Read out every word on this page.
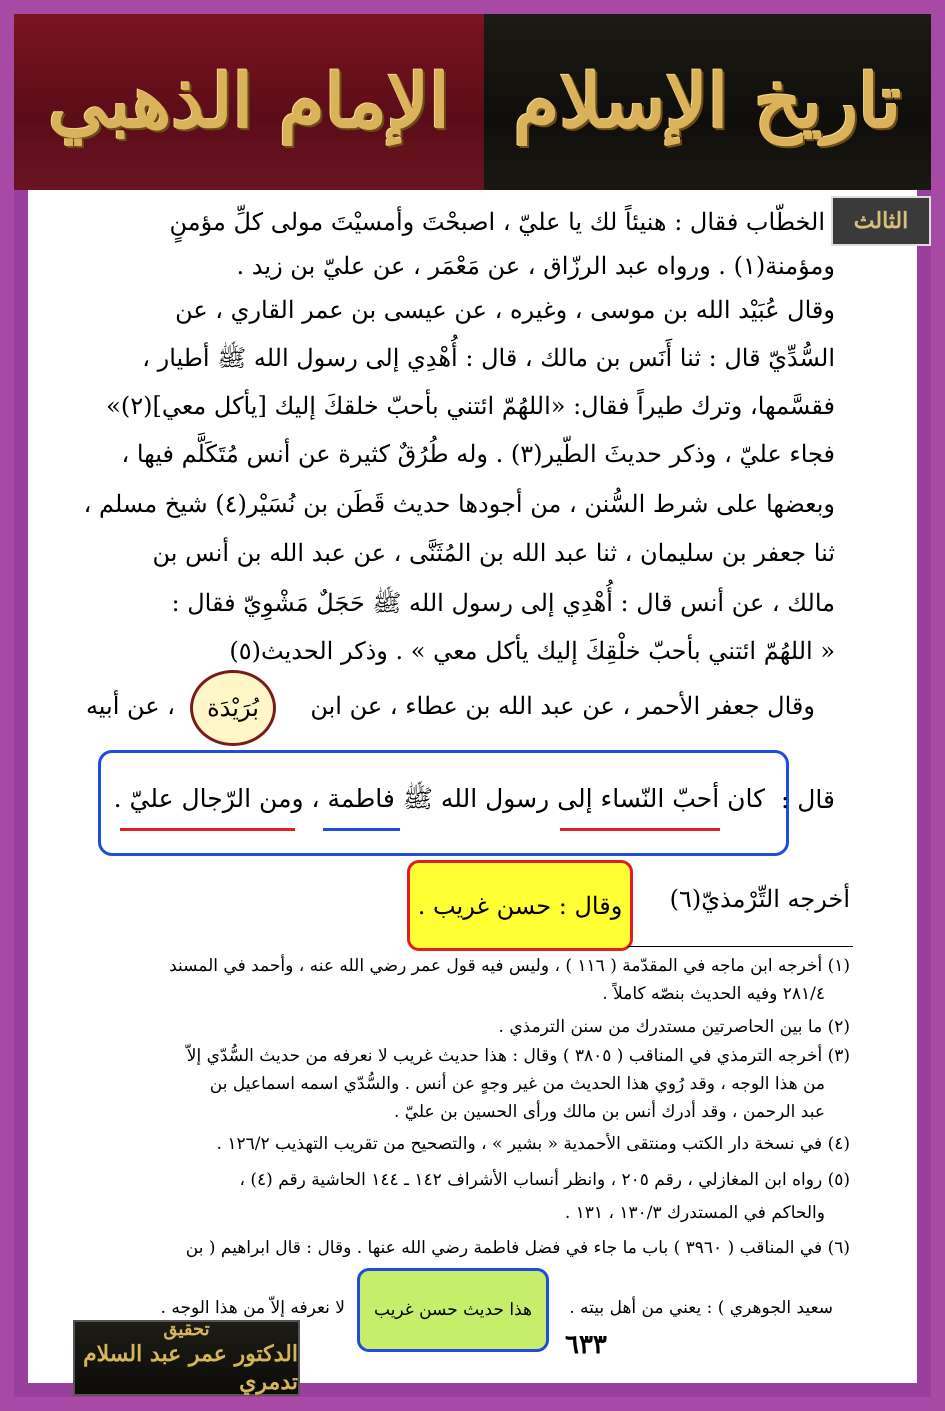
الإمام الذهبي تاريخ الإسلام
الثالث
الخطّاب فقال : هنيئاً لك يا عليّ ، اصبحْتَ وأمسيْتَ مولى كلِّ مؤمنٍ
ومؤمنة(١) . ورواه عبد الرزّاق ، عن مَعْمَر ، عن عليّ بن زيد .
وقال عُبَيْد الله بن موسى ، وغيره ، عن عيسى بن عمر القاري ، عن
السُّدِّيّ قال : ثنا أَنَس بن مالك ، قال : أُهْدِي إلى رسول الله ﷺ أطيار ،
فقسَّمها، وترك طيراً فقال: «اللهُمّ ائتني بأحبّ خلقكَ إليك [يأكل معي](٢)»
فجاء عليّ ، وذكر حديثَ الطّير(٣) . وله طُرُقٌ كثيرة عن أنس مُتَكَلَّم فيها ،
وبعضها على شرط السُّنن ، من أجودها حديث قَطَن بن نُسَيْر(٤) شيخ مسلم ،
ثنا جعفر بن سليمان ، ثنا عبد الله بن المُثَنَّى ، عن عبد الله بن أنس بن
مالك ، عن أنس قال : أُهْدِي إلى رسول الله ﷺ حَجَلٌ مَشْوِيّ فقال :
« اللهُمّ ائتني بأحبّ خلْقِكَ إليك يأكل معي » . وذكر الحديث(٥)
وقال جعفر الأحمر ، عن عبد الله بن عطاء ، عن ابن
، عن أبيه	بُرَيْدَة
قال :
كان أحبّ النّساء إلى رسول الله ﷺ فاطمة ، ومن الرّجال عليّ .
أخرجه التِّرْمذيّ(٦)
وقال : حسن غريب .
(١) أخرجه ابن ماجه في المقدّمة ( ١١٦ ) ، وليس فيه قول عمر رضي الله عنه ، وأحمد في المسند
٢٨١/٤ وفيه الحديث بنصّه كاملاً .
(٢) ما بين الحاصرتين مستدرك من سنن الترمذي .
(٣) أخرجه الترمذي في المناقب ( ٣٨٠٥ ) وقال : هذا حديث غريب لا نعرفه من حديث السُّدّي إلاّ
من هذا الوجه ، وقد رُوي هذا الحديث من غير وجهٍ عن أنس . والسُّدّي اسمه اسماعيل بن
عبد الرحمن ، وقد أدرك أنس بن مالك ورأى الحسين بن عليّ .
(٤) في نسخة دار الكتب ومنتقى الأحمدية « بشير » ، والتصحيح من تقريب التهذيب ١٢٦/٢ .
(٥) رواه ابن المغازلي ، رقم ٢٠٥ ، وانظر أنساب الأشراف ١٤٢ ـ ١٤٤ الحاشية رقم (٤) ،
والحاكم في المستدرك ١٣٠/٣ ، ١٣١ .
(٦) في المناقب ( ٣٩٦٠ ) باب ما جاء في فضل فاطمة رضي الله عنها . وقال : قال ابراهيم ( بن
سعيد الجوهري ) : يعني من أهل بيته .
لا نعرفه إلاّ من هذا الوجه . هذا حديث حسن غريب
٦٣٣
تحقيق
الدكتور عمر عبد السلام تدمري
